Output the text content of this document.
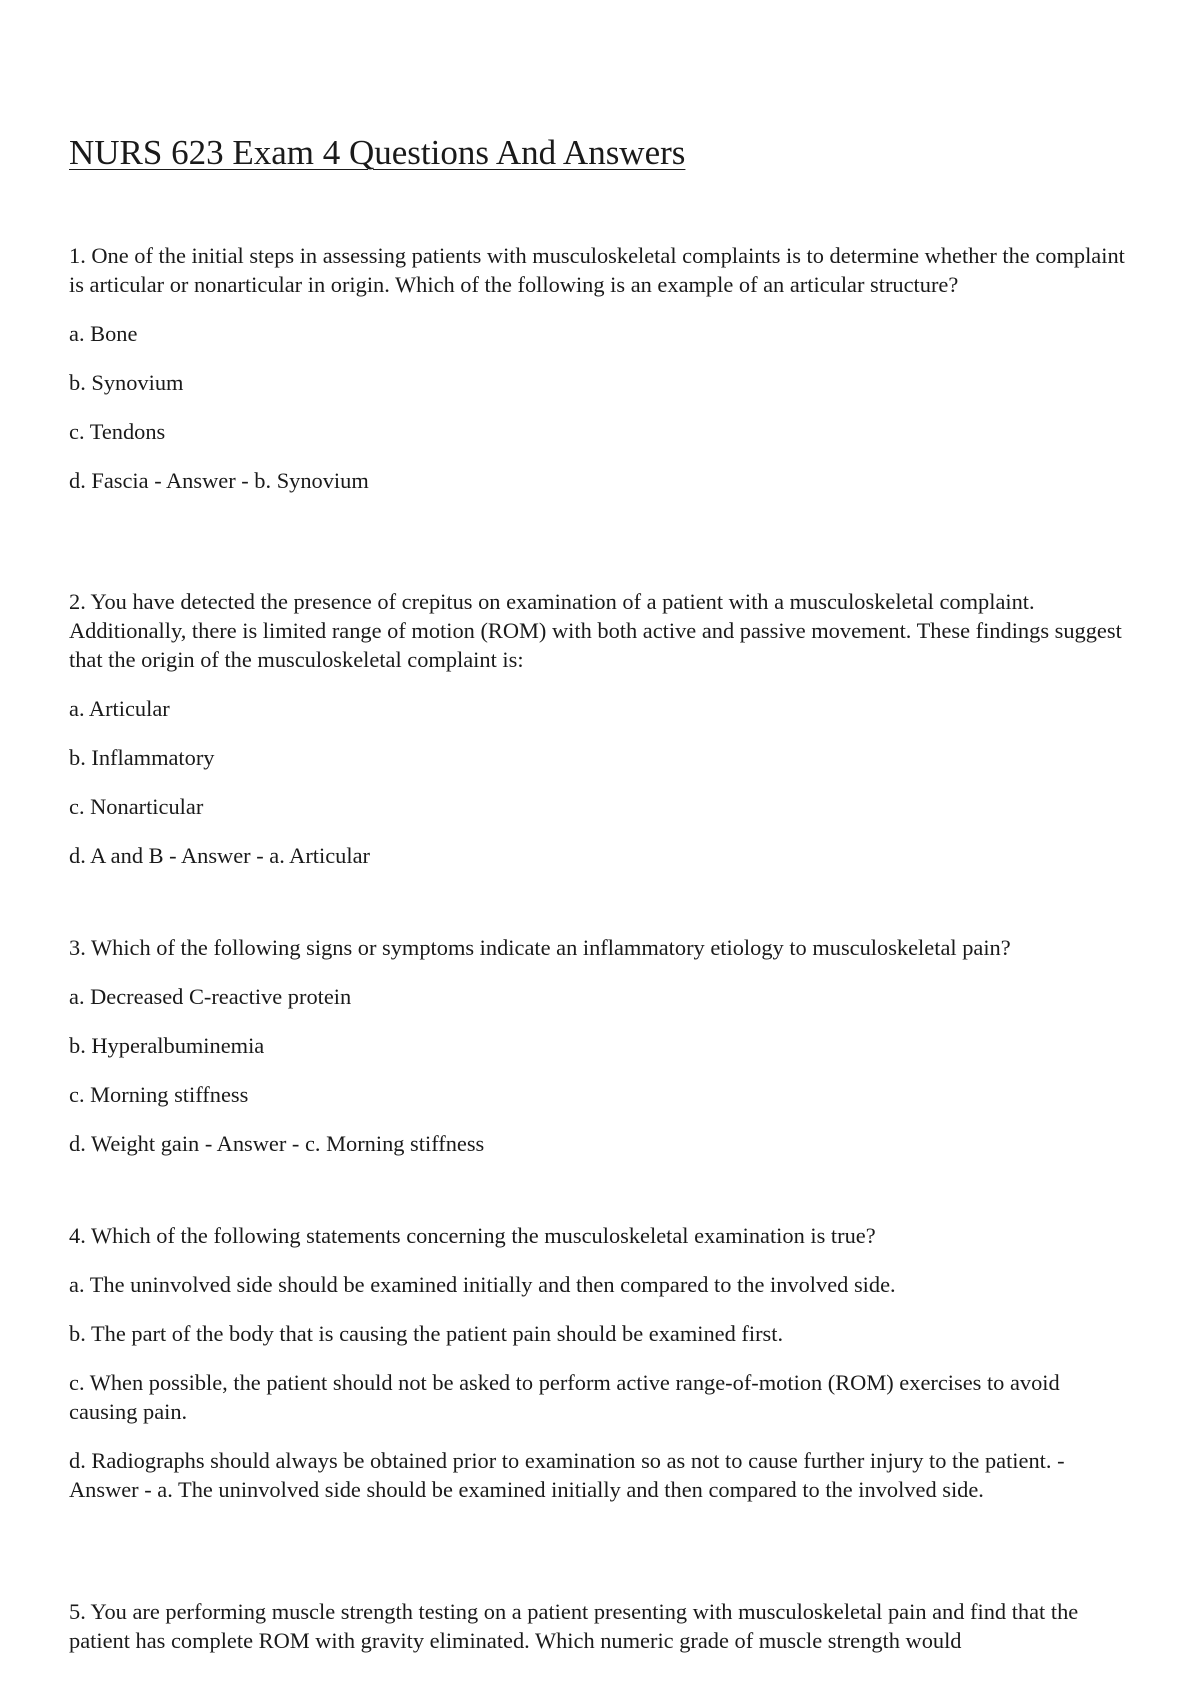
NURS 623 Exam 4 Questions And Answers

1. One of the initial steps in assessing patients with musculoskeletal complaints is to determine whether the complaint is articular or nonarticular in origin. Which of the following is an example of an articular structure?

a. Bone

b. Synovium

c. Tendons

d. Fascia - Answer - b. Synovium

2. You have detected the presence of crepitus on examination of a patient with a musculoskeletal complaint. Additionally, there is limited range of motion (ROM) with both active and passive movement. These findings suggest that the origin of the musculoskeletal complaint is:

a. Articular

b. Inflammatory

c. Nonarticular

d. A and B - Answer - a. Articular

3. Which of the following signs or symptoms indicate an inflammatory etiology to musculoskeletal pain?

a. Decreased C-reactive protein

b. Hyperalbuminemia

c. Morning stiffness

d. Weight gain - Answer - c. Morning stiffness

4. Which of the following statements concerning the musculoskeletal examination is true?

a. The uninvolved side should be examined initially and then compared to the involved side.

b. The part of the body that is causing the patient pain should be examined first.

c. When possible, the patient should not be asked to perform active range-of-motion (ROM) exercises to avoid causing pain.

d. Radiographs should always be obtained prior to examination so as not to cause further injury to the patient. - Answer - a. The uninvolved side should be examined initially and then compared to the involved side.

5. You are performing muscle strength testing on a patient presenting with musculoskeletal pain and find that the patient has complete ROM with gravity eliminated. Which numeric grade of muscle strength would
